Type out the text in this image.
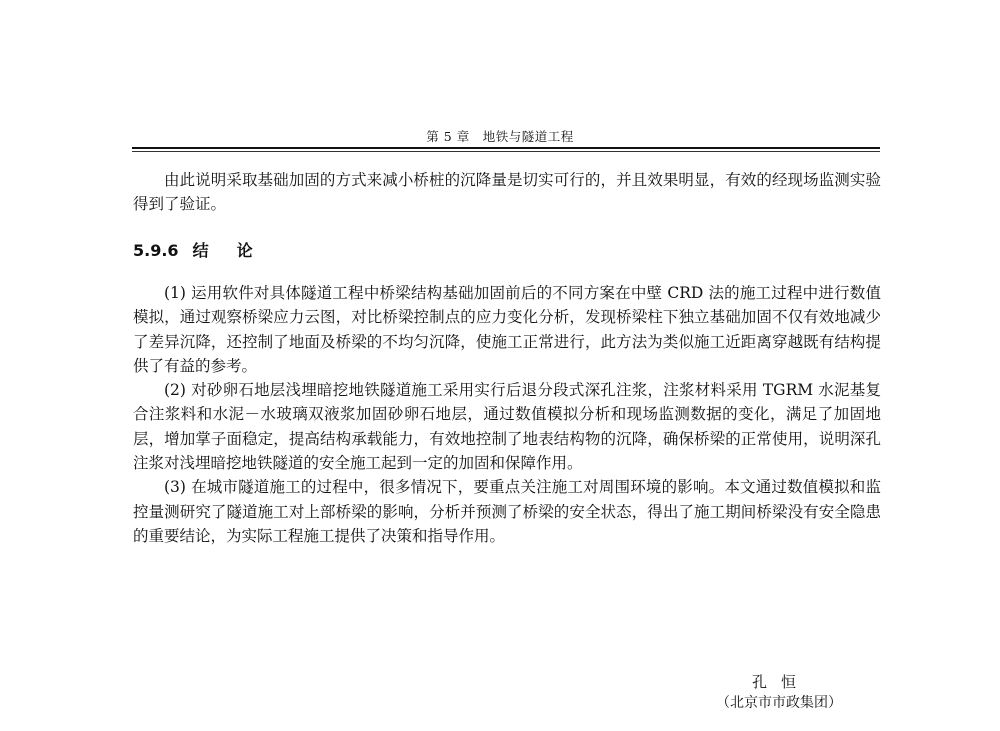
第 5 章　地铁与隧道工程

由此说明采取基础加固的方式来减小桥桩的沉降量是切实可行的，并且效果明显，有效的经现场监测实验得到了验证。

5.9.6 结论

(1) 运用软件对具体隧道工程中桥梁结构基础加固前后的不同方案在中壁 CRD 法的施工过程中进行数值模拟，通过观察桥梁应力云图，对比桥梁控制点的应力变化分析，发现桥梁柱下独立基础加固不仅有效地减少了差异沉降，还控制了地面及桥梁的不均匀沉降，使施工正常进行，此方法为类似施工近距离穿越既有结构提供了有益的参考。

(2) 对砂卵石地层浅埋暗挖地铁隧道施工采用实行后退分段式深孔注浆，注浆材料采用 TGRM 水泥基复合注浆料和水泥－水玻璃双液浆加固砂卵石地层，通过数值模拟分析和现场监测数据的变化，满足了加固地层，增加掌子面稳定，提高结构承载能力，有效地控制了地表结构物的沉降，确保桥梁的正常使用，说明深孔注浆对浅埋暗挖地铁隧道的安全施工起到一定的加固和保障作用。

(3) 在城市隧道施工的过程中，很多情况下，要重点关注施工对周围环境的影响。本文通过数值模拟和监控量测研究了隧道施工对上部桥梁的影响，分析并预测了桥梁的安全状态，得出了施工期间桥梁没有安全隐患的重要结论，为实际工程施工提供了决策和指导作用。

孔恒
（北京市市政集团）
